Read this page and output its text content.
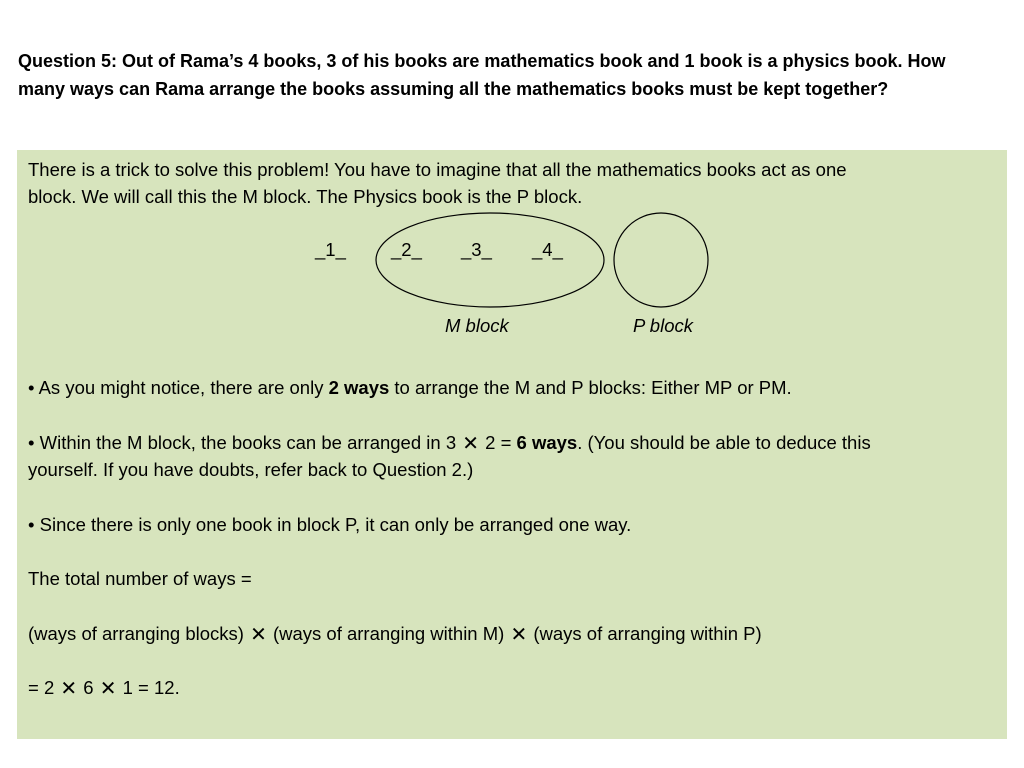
Question 5: Out of Rama’s 4 books, 3 of his books are mathematics book and 1 book is a physics book. How many ways can Rama arrange the books assuming all the mathematics books must be kept together?
There is a trick to solve this problem! You have to imagine that all the mathematics books act as one
block. We will call this the M block. The Physics book is the P block.
_1_ _2_ _3_ _4_
M block	P block
• As you might notice, there are only 2 ways to arrange the M and P blocks: Either MP or PM.
• Within the M block, the books can be arranged in 3 ✕ 2 = 6 ways. (You should be able to deduce this
yourself. If you have doubts, refer back to Question 2.)
• Since there is only one book in block P, it can only be arranged one way.
The total number of ways =
(ways of arranging blocks) ✕ (ways of arranging within M) ✕ (ways of arranging within P)
= 2 ✕ 6 ✕ 1 = 12.
